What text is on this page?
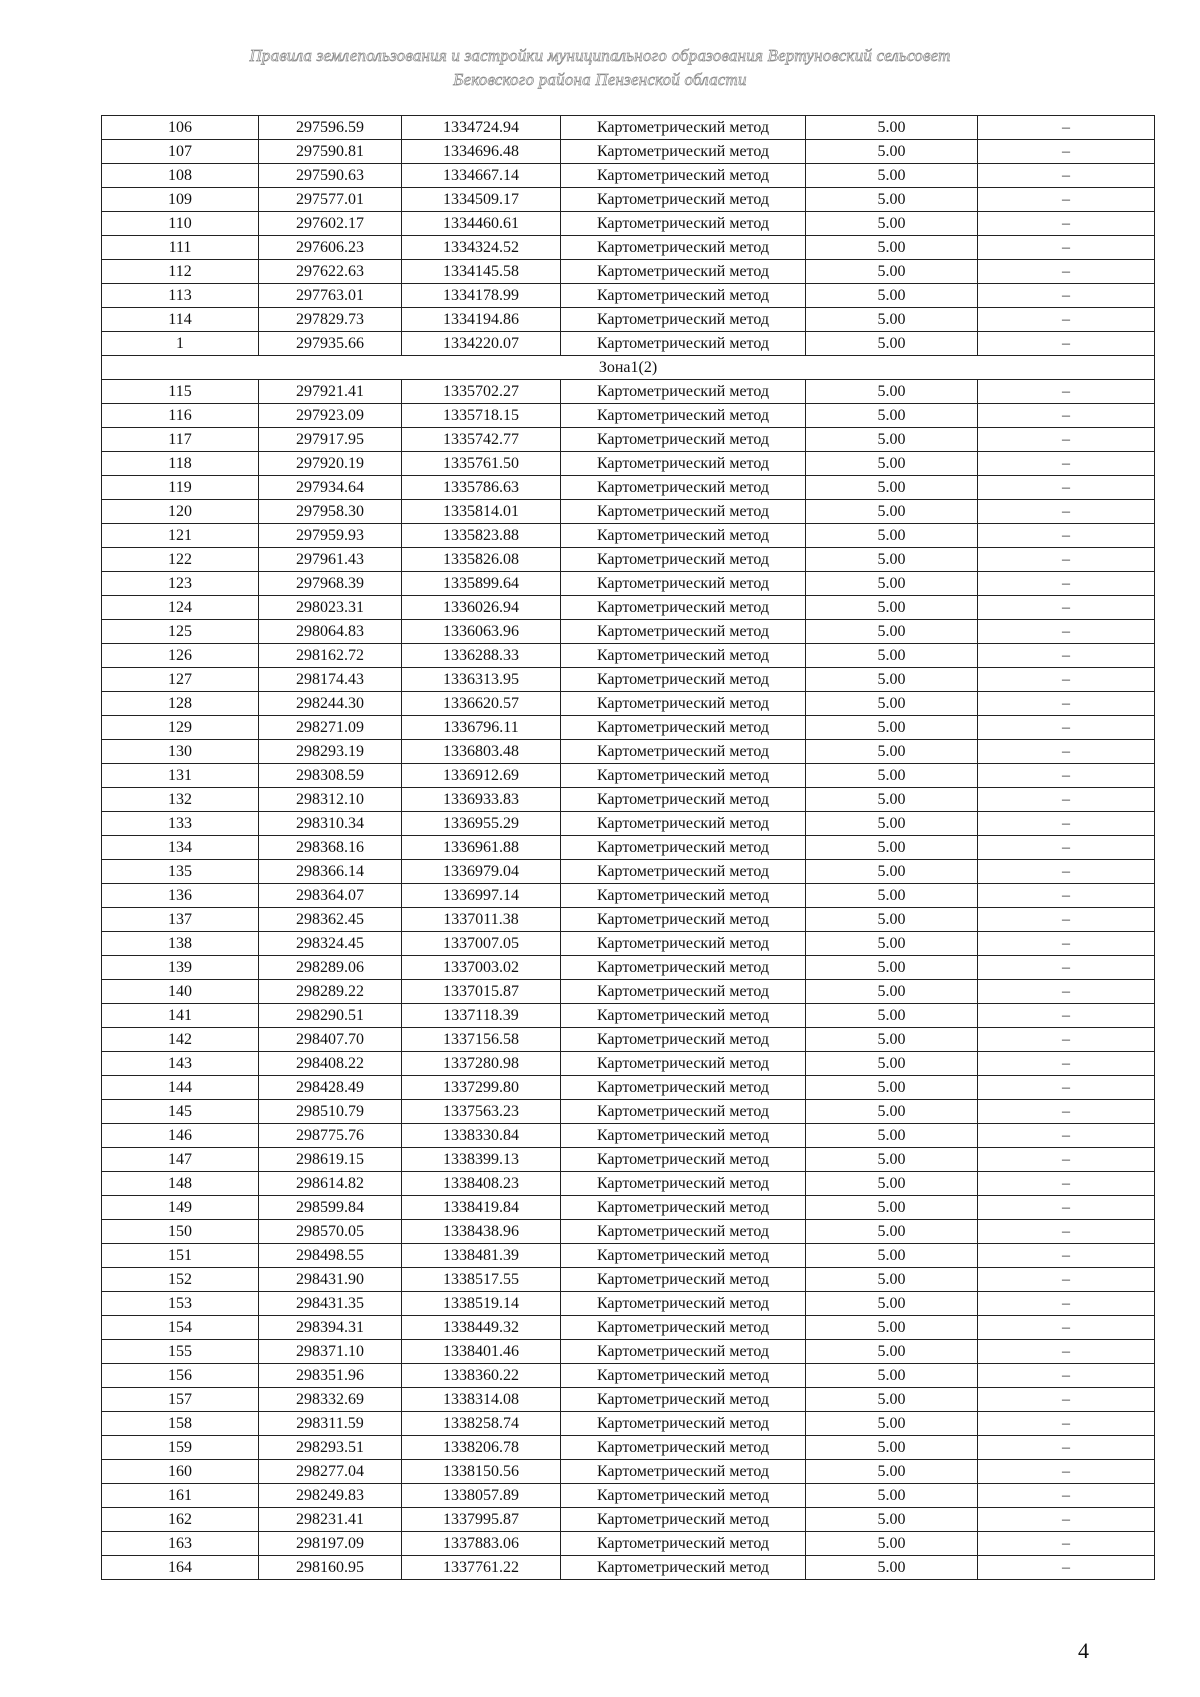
Правила землепользования и застройки муниципального образования Вертуновский сельсовет
Бековского района Пензенской области
106	297596.59	1334724.94	Картометрический метод	5.00	–
107	297590.81	1334696.48	Картометрический метод	5.00	–
108	297590.63	1334667.14	Картометрический метод	5.00	–
109	297577.01	1334509.17	Картометрический метод	5.00	–
110	297602.17	1334460.61	Картометрический метод	5.00	–
111	297606.23	1334324.52	Картометрический метод	5.00	–
112	297622.63	1334145.58	Картометрический метод	5.00	–
113	297763.01	1334178.99	Картометрический метод	5.00	–
114	297829.73	1334194.86	Картометрический метод	5.00	–
1	297935.66	1334220.07	Картометрический метод	5.00	–
Зона1(2)					
115	297921.41	1335702.27	Картометрический метод	5.00	–
116	297923.09	1335718.15	Картометрический метод	5.00	–
117	297917.95	1335742.77	Картометрический метод	5.00	–
118	297920.19	1335761.50	Картометрический метод	5.00	–
119	297934.64	1335786.63	Картометрический метод	5.00	–
120	297958.30	1335814.01	Картометрический метод	5.00	–
121	297959.93	1335823.88	Картометрический метод	5.00	–
122	297961.43	1335826.08	Картометрический метод	5.00	–
123	297968.39	1335899.64	Картометрический метод	5.00	–
124	298023.31	1336026.94	Картометрический метод	5.00	–
125	298064.83	1336063.96	Картометрический метод	5.00	–
126	298162.72	1336288.33	Картометрический метод	5.00	–
127	298174.43	1336313.95	Картометрический метод	5.00	–
128	298244.30	1336620.57	Картометрический метод	5.00	–
129	298271.09	1336796.11	Картометрический метод	5.00	–
130	298293.19	1336803.48	Картометрический метод	5.00	–
131	298308.59	1336912.69	Картометрический метод	5.00	–
132	298312.10	1336933.83	Картометрический метод	5.00	–
133	298310.34	1336955.29	Картометрический метод	5.00	–
134	298368.16	1336961.88	Картометрический метод	5.00	–
135	298366.14	1336979.04	Картометрический метод	5.00	–
136	298364.07	1336997.14	Картометрический метод	5.00	–
137	298362.45	1337011.38	Картометрический метод	5.00	–
138	298324.45	1337007.05	Картометрический метод	5.00	–
139	298289.06	1337003.02	Картометрический метод	5.00	–
140	298289.22	1337015.87	Картометрический метод	5.00	–
141	298290.51	1337118.39	Картометрический метод	5.00	–
142	298407.70	1337156.58	Картометрический метод	5.00	–
143	298408.22	1337280.98	Картометрический метод	5.00	–
144	298428.49	1337299.80	Картометрический метод	5.00	–
145	298510.79	1337563.23	Картометрический метод	5.00	–
146	298775.76	1338330.84	Картометрический метод	5.00	–
147	298619.15	1338399.13	Картометрический метод	5.00	–
148	298614.82	1338408.23	Картометрический метод	5.00	–
149	298599.84	1338419.84	Картометрический метод	5.00	–
150	298570.05	1338438.96	Картометрический метод	5.00	–
151	298498.55	1338481.39	Картометрический метод	5.00	–
152	298431.90	1338517.55	Картометрический метод	5.00	–
153	298431.35	1338519.14	Картометрический метод	5.00	–
154	298394.31	1338449.32	Картометрический метод	5.00	–
155	298371.10	1338401.46	Картометрический метод	5.00	–
156	298351.96	1338360.22	Картометрический метод	5.00	–
157	298332.69	1338314.08	Картометрический метод	5.00	–
158	298311.59	1338258.74	Картометрический метод	5.00	–
159	298293.51	1338206.78	Картометрический метод	5.00	–
160	298277.04	1338150.56	Картометрический метод	5.00	–
161	298249.83	1338057.89	Картометрический метод	5.00	–
162	298231.41	1337995.87	Картометрический метод	5.00	–
163	298197.09	1337883.06	Картометрический метод	5.00	–
164	298160.95	1337761.22	Картометрический метод	5.00	–
4
